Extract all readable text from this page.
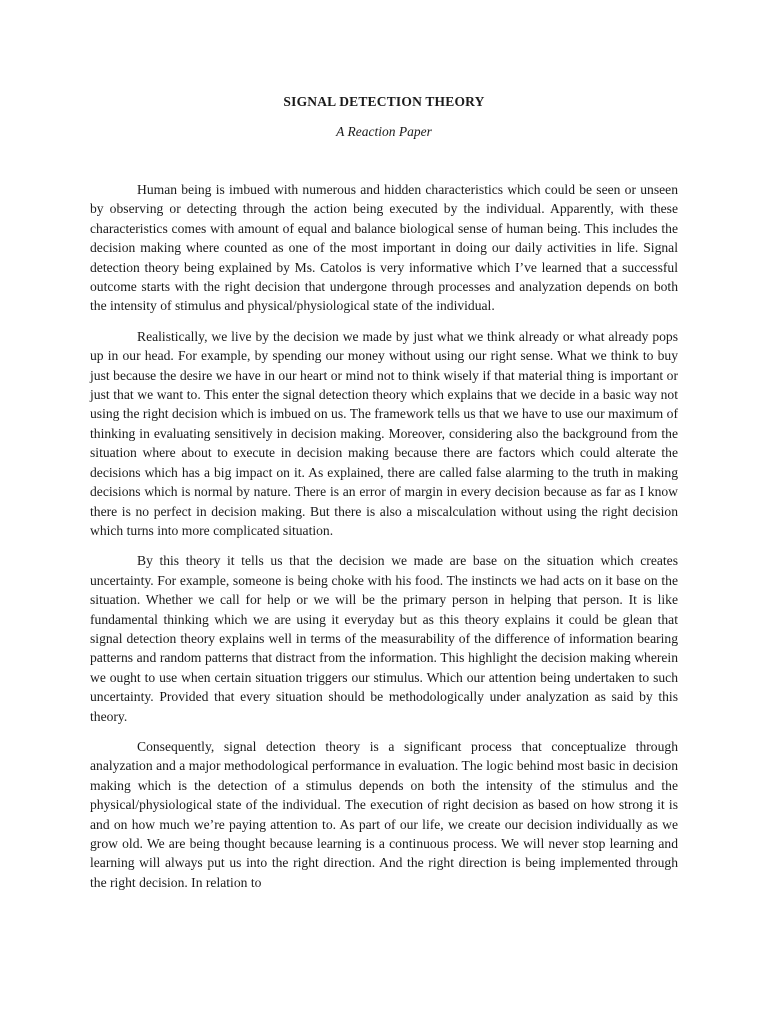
SIGNAL DETECTION THEORY

A Reaction Paper

Human being is imbued with numerous and hidden characteristics which could be seen or unseen by observing or detecting through the action being executed by the individual. Apparently, with these characteristics comes with amount of equal and balance biological sense of human being. This includes the decision making where counted as one of the most important in doing our daily activities in life. Signal detection theory being explained by Ms. Catolos is very informative which I’ve learned that a successful outcome starts with the right decision that undergone through processes and analyzation depends on both the intensity of stimulus and physical/physiological state of the individual.

Realistically, we live by the decision we made by just what we think already or what already pops up in our head. For example, by spending our money without using our right sense. What we think to buy just because the desire we have in our heart or mind not to think wisely if that material thing is important or just that we want to. This enter the signal detection theory which explains that we decide in a basic way not using the right decision which is imbued on us. The framework tells us that we have to use our maximum of thinking in evaluating sensitively in decision making. Moreover, considering also the background from the situation where about to execute in decision making because there are factors which could alterate the decisions which has a big impact on it. As explained, there are called false alarming to the truth in making decisions which is normal by nature. There is an error of margin in every decision because as far as I know there is no perfect in decision making. But there is also a miscalculation without using the right decision which turns into more complicated situation.

By this theory it tells us that the decision we made are base on the situation which creates uncertainty. For example, someone is being choke with his food. The instincts we had acts on it base on the situation. Whether we call for help or we will be the primary person in helping that person. It is like fundamental thinking which we are using it everyday but as this theory explains it could be glean that signal detection theory explains well in terms of the measurability of the difference of information bearing patterns and random patterns that distract from the information. This highlight the decision making wherein we ought to use when certain situation triggers our stimulus. Which our attention being undertaken to such uncertainty. Provided that every situation should be methodologically under analyzation as said by this theory.

Consequently, signal detection theory is a significant process that conceptualize through analyzation and a major methodological performance in evaluation. The logic behind most basic in decision making which is the detection of a stimulus depends on both the intensity of the stimulus and the physical/physiological state of the individual. The execution of right decision as based on how strong it is and on how much we’re paying attention to. As part of our life, we create our decision individually as we grow old. We are being thought because learning is a continuous process. We will never stop learning and learning will always put us into the right direction. And the right direction is being implemented through the right decision. In relation to
